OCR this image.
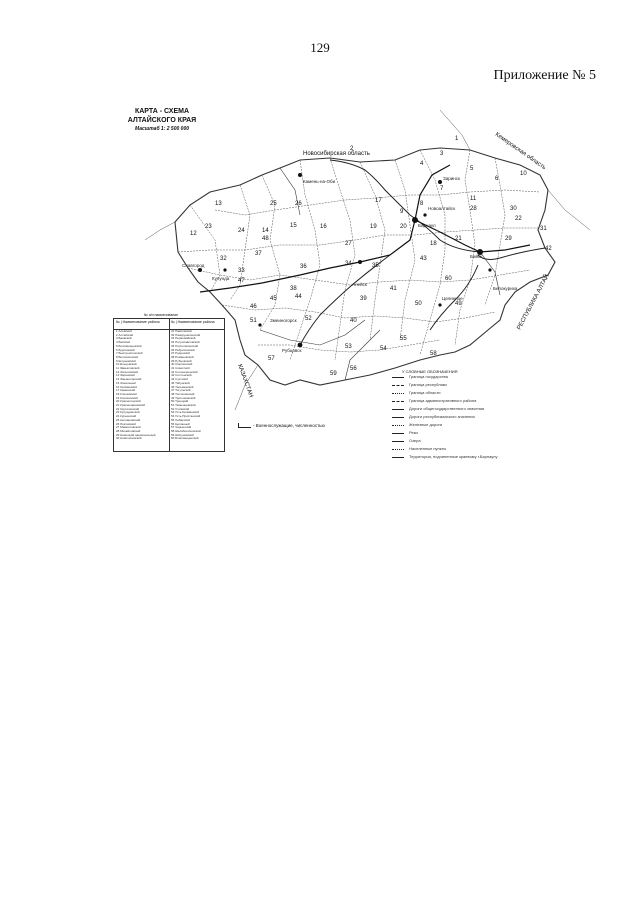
129
Приложение № 5
КАРТА - СХЕМА
АЛТАЙСКОГО КРАЯ
Масштаб 1: 2 500 000
Новосибирская область	Кемеровская область
РЕСПУБЛИКА АЛТАЙ
КАЗАХСТАН
Бийск
Барнаул
Рубцовск
Алейск
Камень-на-Оби
Славгород
Заринск
Новоалтайск
Белокуриха
Кулунда
Змеиногорск
Целинное
1
2
3
4
5
6
7
8
9
10
11
12
13
14
15	16
17
18
19	20
21
22
23
24
25	26
27
28
29
30
31
32
33
34	35
36
37
38
39
40
41
42
43
44
45
46
47
48
49
50
51	52
53	54
55
56
57
58
59
60
№ п/п наименование
№ | Наименование района
1 Алейский
2 Алтайский
3 Баевский
4 Бийский
5 Благовещенский
6 Бурлинский
7 Быстроистокский
8 Волчихинский
9 Егорьевский
10 Ельцовский
11 Завьяловский
12 Залесовский
13 Заринский
14 Змеиногорский
15 Зональный
16 Калманский
17 Каменский
18 Ключевский
19 Косихинский
20 Красногорский
21 Краснощёковский
22 Крутихинский
23 Кулундинский
24 Курьинский
25 Кытмановский
26 Локтевский
27 Мамонтовский
28 Михайловский
29 Немецкий национальный
30 Новичихинский
№ | Наименование района
31 Павловский
32 Панкрушихинский
33 Первомайский
34 Петропавловский
35 Поспелихинский
36 Ребрихинский
37 Родинский
38 Романовский
39 Рубцовский
40 Смоленский
41 Советский
42 Солонешенский
43 Солтонский
44 Суетский
45 Табунский
46 Тальменский
47 Тогульский
48 Топчихинский
49 Третьяковский
50 Троицкий
51 Тюменцевский
52 Угловский
53 Усть-Калманский
54 Усть-Пристанский
55 Хабарский
56 Целинный
57 Чарышский
58 Шелаболихинский
59 Шипуновский
60 Благовещенский
- Военнослужащие, численностью
У СЛОВНЫЕ ОБОЗНАЧЕНИЯ
Граница государства
Граница республики
Граница области
Граница административного района
Дороги общегосударственного значения
Дороги республиканского значения
Железные дороги
Реки
Озера
Населенные пункты
Территории, подчиненные краевому г.Барнаулу
